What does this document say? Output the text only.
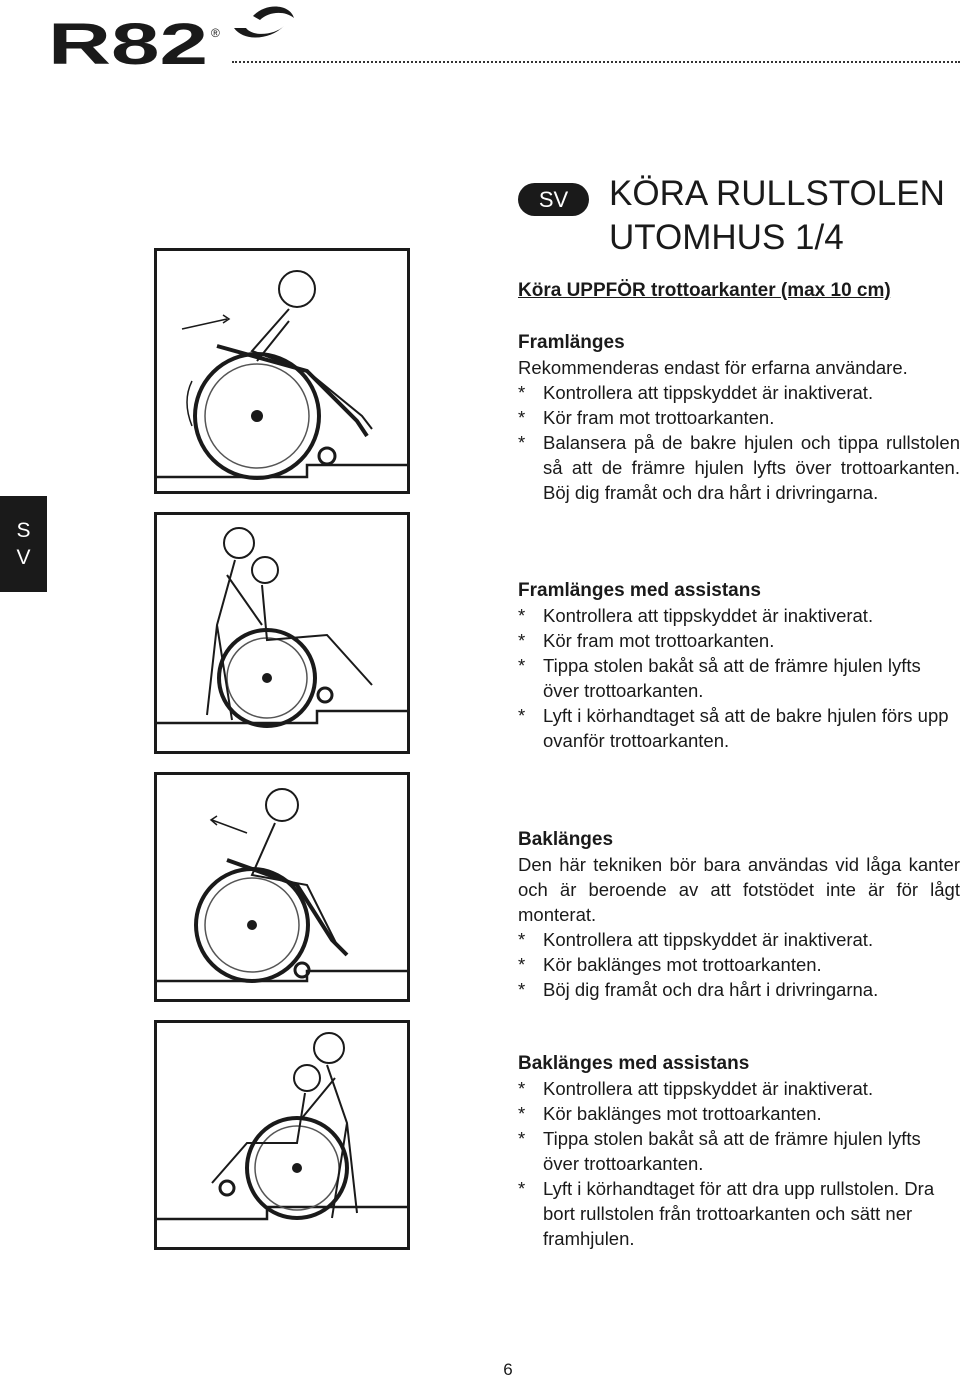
R82 ®
S
V
SV	KÖRA RULLSTOLEN
UTOMHUS 1/4
Köra UPPFÖR trottoarkanter (max 10 cm)
Framlänges

Rekommenderas endast för erfarna användare.

* Kontrollera att tippskyddet är inaktiverat.
* Kör fram mot trottoarkanten.
* Balansera på de bakre hjulen och tippa rullstolen så att de främre hjulen lyfts över trottoarkanten. Böj dig framåt och dra hårt i drivringarna.
Framlänges med assistans
* Kontrollera att tippskyddet är inaktiverat.
* Kör fram mot trottoarkanten.
* Tippa stolen bakåt så att de främre hjulen lyfts över trottoarkanten.
* Lyft i körhandtaget så att de bakre hjulen förs upp ovanför trottoarkanten.
Baklänges

Den här tekniken bör bara användas vid låga kanter och är beroende av att fotstödet inte är för lågt monterat.

* Kontrollera att tippskyddet är inaktiverat.
* Kör baklänges mot trottoarkanten.
* Böj dig framåt och dra hårt i drivringarna.
Baklänges med assistans
* Kontrollera att tippskyddet är inaktiverat.
* Kör baklänges mot trottoarkanten.
* Tippa stolen bakåt så att de främre hjulen lyfts över trottoarkanten.
* Lyft i körhandtaget för att dra upp rullstolen. Dra bort rullstolen från trottoarkanten och sätt ner framhjulen.
6
